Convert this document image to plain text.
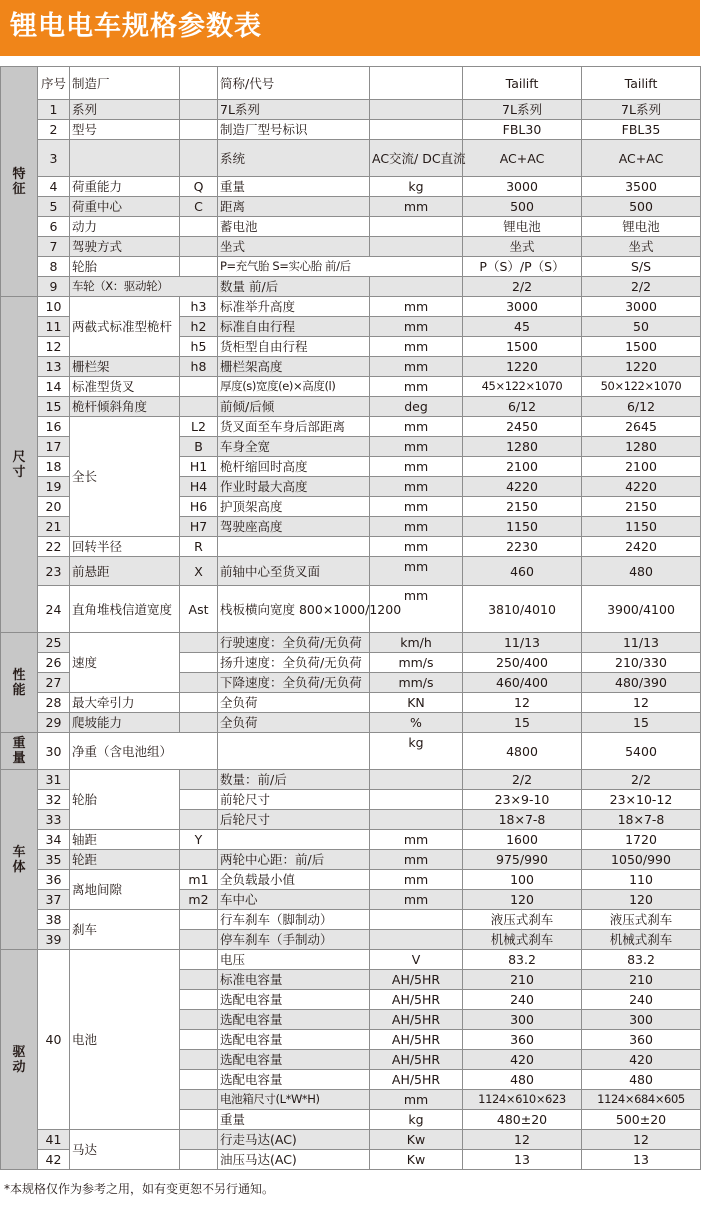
锂电电车规格参数表
特
征	序号	制造厂		简称/代号		Tailift	Tailift
	1	系列		7L系列		7L系列	7L系列
	2	型号		制造厂型号标识		FBL30	FBL35
	3			系统	AC交流/ DC直流	AC+AC	AC+AC
	4	荷重能力	Q	重量	kg	3000	3500
	5	荷重中心	C	距离	mm	500	500
	6	动力		蓄电池		锂电池	锂电池
	7	驾驶方式		坐式		坐式	坐式
	8	轮胎		P=充气胎 S=实心胎 前/后		P（S）/P（S）	S/S
	9	车轮（X：驱动轮）		数量 前/后		2/2	2/2
尺
寸	10	两截式标准型桅杆	h3	标准举升高度	mm	3000	3000
	11		h2	标准自由行程	mm	45	50
	12		h5	货柜型自由行程	mm	1500	1500
	13	栅栏架	h8	栅栏架高度	mm	1220	1220
	14	标准型货叉		厚度(s)宽度(e)×高度(l)	mm	45×122×1070	50×122×1070
	15	桅杆倾斜角度		前倾/后倾	deg	6/12	6/12
	16	全长	L2	货叉面至车身后部距离	mm	2450	2645
	17		B	车身全宽	mm	1280	1280
	18		H1	桅杆缩回时高度	mm	2100	2100
	19		H4	作业时最大高度	mm	4220	4220
	20		H6	护顶架高度	mm	2150	2150
	21		H7	驾驶座高度	mm	1150	1150
	22	回转半径	R		mm	2230	2420
	23	前悬距	X	前轴中心至货叉面	mm	460	480
	24	直角堆栈信道宽度	Ast	栈板横向宽度 800×1000/1200	mm	3810/4010	3900/4100
性
能	25	速度		行驶速度：全负荷/无负荷	km/h	11/13	11/13
	26			扬升速度：全负荷/无负荷	mm/s	250/400	210/330
	27			下降速度：全负荷/无负荷	mm/s	460/400	480/390
	28	最大牵引力		全负荷	KN	12	12
	29	爬坡能力		全负荷	%	15	15
重
量	30	净重（含电池组）			kg	4800	5400
车
体	31	轮胎		数量：前/后		2/2	2/2
	32			前轮尺寸		23×9-10	23×10-12
	33			后轮尺寸		18×7-8	18×7-8
	34	轴距	Y		mm	1600	1720
	35	轮距		两轮中心距：前/后	mm	975/990	1050/990
	36	离地间隙	m1	全负载最小值	mm	100	110
	37		m2	车中心	mm	120	120
	38	刹车		行车刹车（脚制动）		液压式刹车	液压式刹车
	39			停车刹车（手制动）		机械式刹车	机械式刹车
驱
动	40	电池		电压	V	83.2	83.2
				标准电容量	AH/5HR	210	210
				选配电容量	AH/5HR	240	240
				选配电容量	AH/5HR	300	300
				选配电容量	AH/5HR	360	360
				选配电容量	AH/5HR	420	420
				选配电容量	AH/5HR	480	480
				电池箱尺寸(L*W*H)	mm	1124×610×623	1124×684×605
				重量	kg	480±20	500±20
	41	马达		行走马达(AC)	Kw	12	12
	42			油压马达(AC)	Kw	13	13
*本规格仅作为参考之用，如有变更恕不另行通知。
